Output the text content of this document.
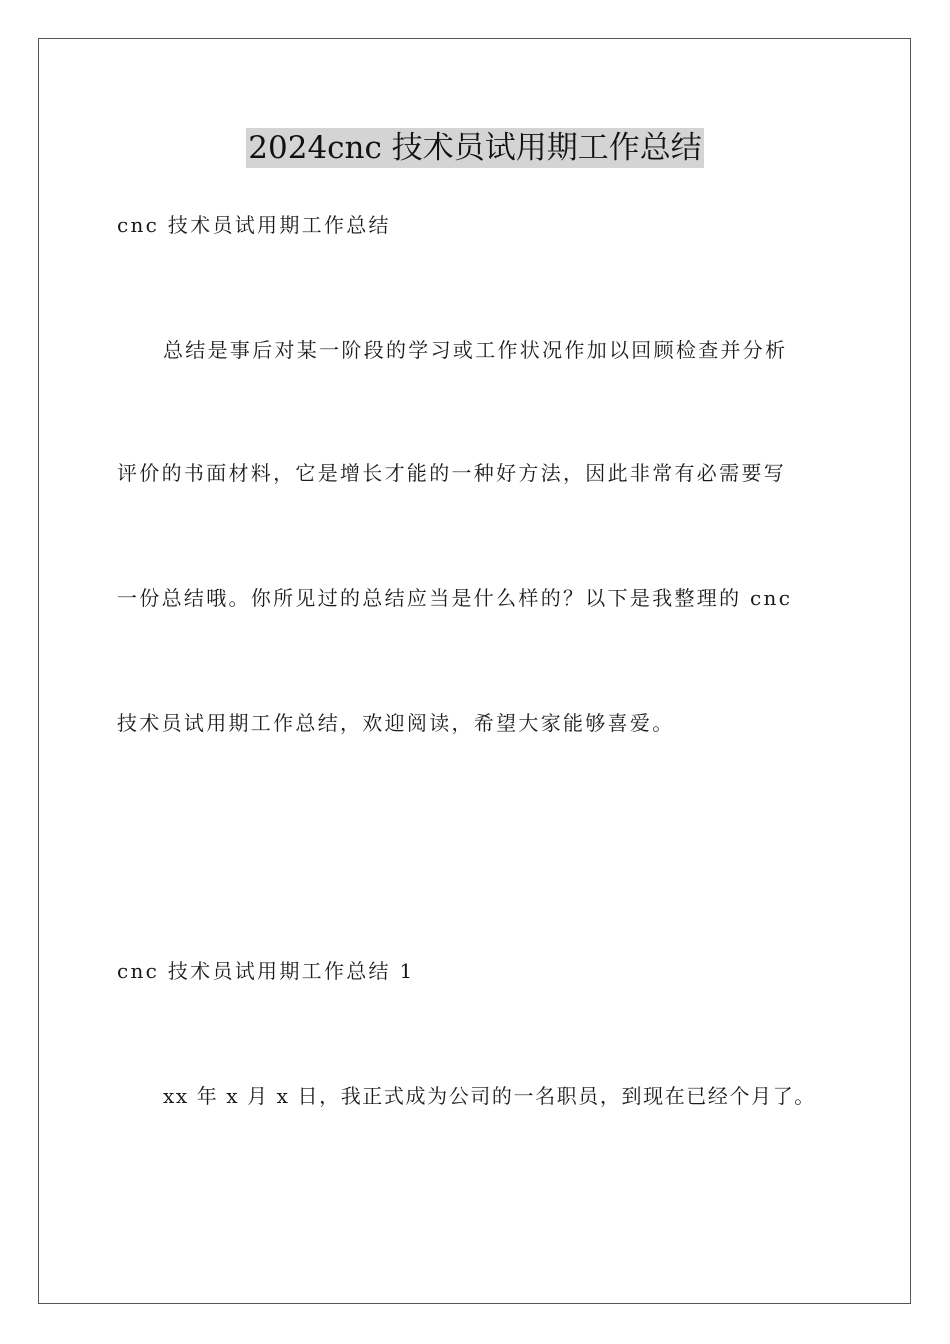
2024cnc 技术员试用期工作总结
cnc 技术员试用期工作总结
总结是事后对某一阶段的学习或工作状况作加以回顾检查并分析
评价的书面材料，它是增长才能的一种好方法，因此非常有必需要写
一份总结哦。你所见过的总结应当是什么样的？以下是我整理的 cnc
技术员试用期工作总结，欢迎阅读，希望大家能够喜爱。
cnc 技术员试用期工作总结 1
xx 年 x 月 x 日，我正式成为公司的一名职员，到现在已经个月了。
